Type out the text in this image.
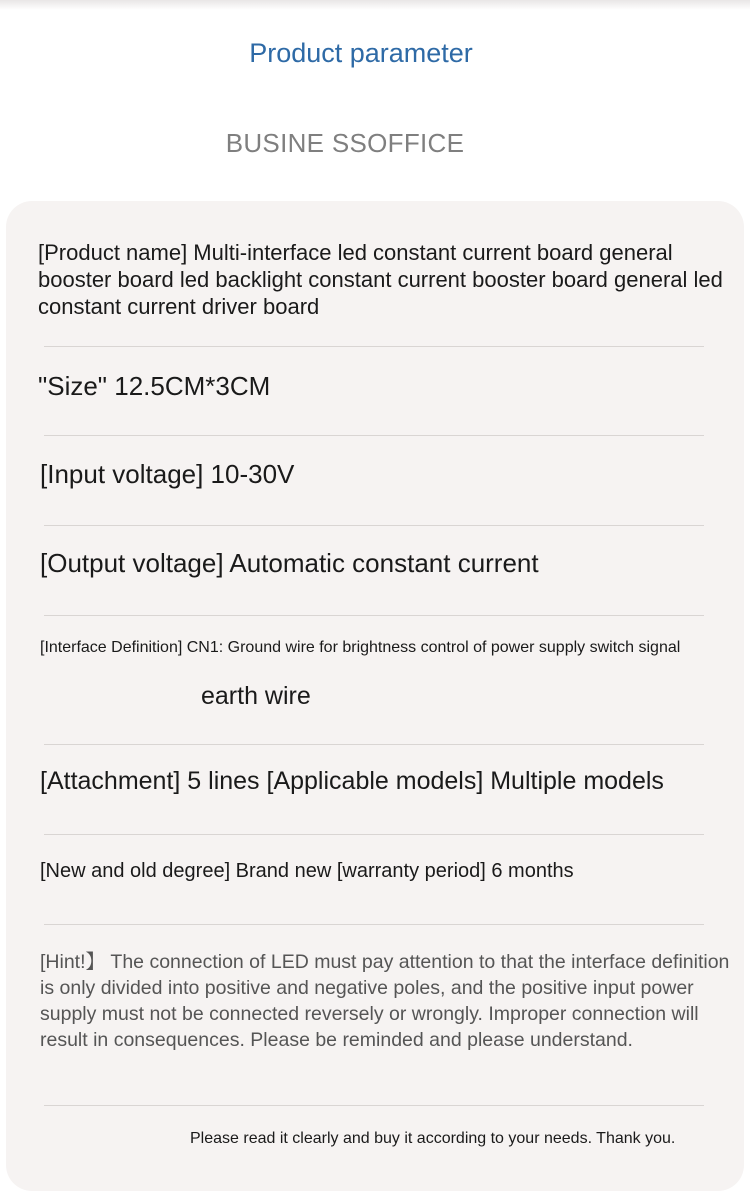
Product parameter
BUSINE SSOFFICE
[Product name] Multi-interface led constant current board general booster board led backlight constant current booster board general led constant current driver board
"Size" 12.5CM*3CM
[Input voltage] 10-30V
[Output voltage] Automatic constant current
[Interface Definition] CN1: Ground wire for brightness control of power supply switch signal
earth wire
[Attachment] 5 lines [Applicable models] Multiple models
[New and old degree] Brand new [warranty period] 6 months
[Hint!】 The connection of LED must pay attention to that the interface definition is only divided into positive and negative poles, and the positive input power supply must not be connected reversely or wrongly. Improper connection will result in consequences. Please be reminded and please understand.
Please read it clearly and buy it according to your needs. Thank you.
